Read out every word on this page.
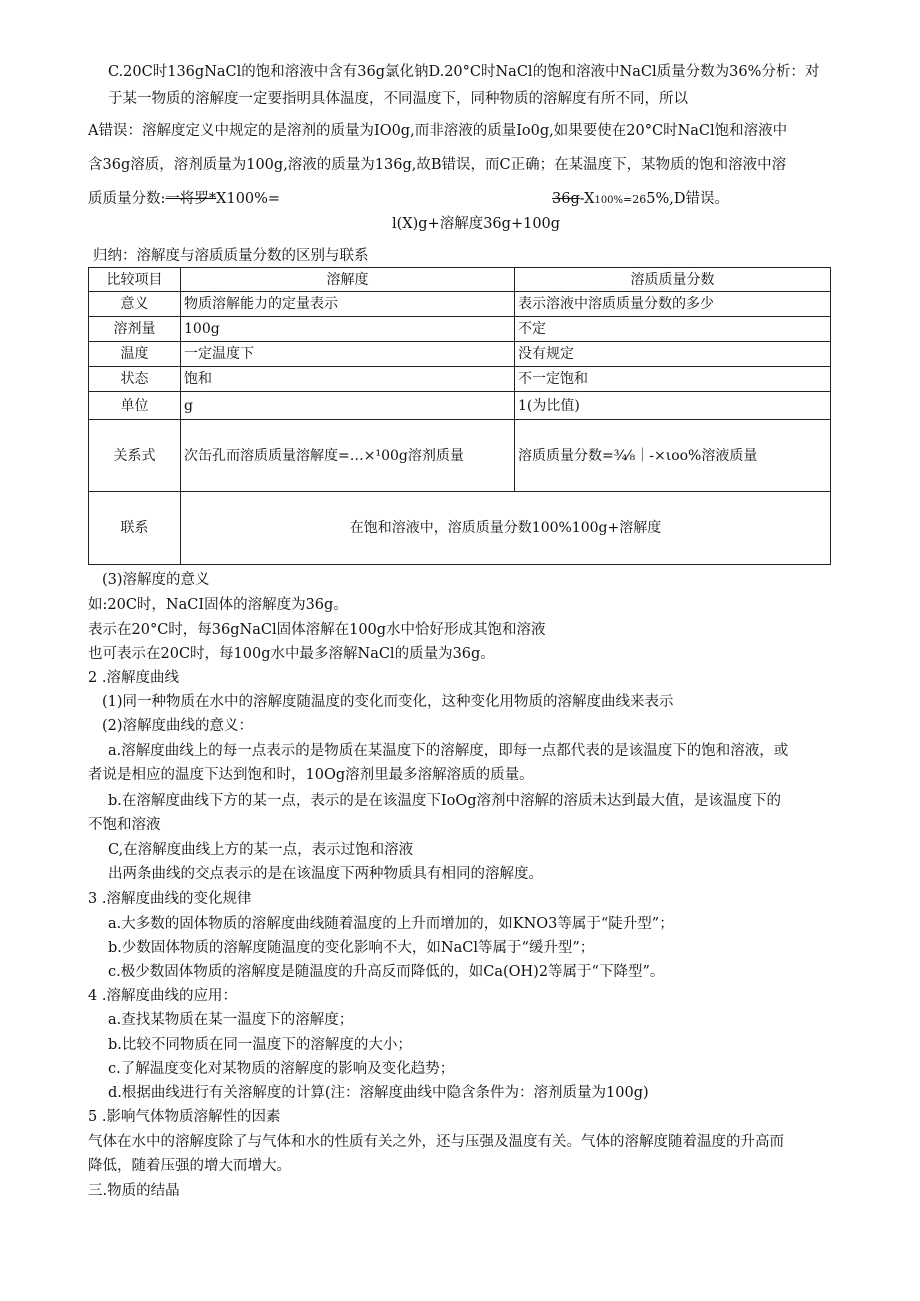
C.20C时136gNaCl的饱和溶液中含有36g氯化钠D.20°C时NaCl的饱和溶液中NaCl质量分数为36%分析：对
于某一物质的溶解度一定要指明具体温度，不同温度下，同种物质的溶解度有所不同，所以
A错误：溶解度定义中规定的是溶剂的质量为IO0g,而非溶液的质量Io0g,如果要使在20°C时NaCl饱和溶液中
含36g溶质，溶剂质量为100g,溶液的质量为136g,故B错误，而C正确；在某温度下，某物质的饱和溶液中溶
质质量分数:一将罗*X100%=	36g-X100%=265%,D错误。
l(X)g+溶解度36g+100g
归纳：溶解度与溶质质量分数的区别与联系
比较项目	溶解度	溶质质量分数
意义	物质溶解能力的定量表示	表示溶液中溶质质量分数的多少
溶剂量	100g	不定
温度	一定温度下	没有规定
状态	饱和	不一定饱和
单位	g	1(为比值)
关系式	次缶孔而溶质质量溶解度=…×¹00g溶剂质量	溶质质量分数=¾⁄₈｜-×ιoo%溶液质量
联系	在饱和溶液中，溶质质量分数100%100g+溶解度	
(3)溶解度的意义
如:20C时，NaCI固体的溶解度为36g。
表示在20°C时，每36gNaCl固体溶解在100g水中恰好形成其饱和溶液
也可表示在20C时，每100g水中最多溶解NaCl的质量为36g。
2 .溶解度曲线
(1)同一种物质在水中的溶解度随温度的变化而变化，这种变化用物质的溶解度曲线来表示
(2)溶解度曲线的意义：
a.溶解度曲线上的每一点表示的是物质在某温度下的溶解度，即每一点都代表的是该温度下的饱和溶液，或
者说是相应的温度下达到饱和时，10Og溶剂里最多溶解溶质的质量。
b.在溶解度曲线下方的某一点，表示的是在该温度下IoOg溶剂中溶解的溶质未达到最大值，是该温度下的
不饱和溶液
C,在溶解度曲线上方的某一点，表示过饱和溶液
出两条曲线的交点表示的是在该温度下两种物质具有相同的溶解度。
3 .溶解度曲线的变化规律
a.大多数的固体物质的溶解度曲线随着温度的上升而增加的，如KNO3等属于“陡升型”；
b.少数固体物质的溶解度随温度的变化影响不大，如NaCl等属于“缓升型”；
c.极少数固体物质的溶解度是随温度的升高反而降低的，如Ca(OH)2等属于“下降型”。
4 .溶解度曲线的应用：
a.查找某物质在某一温度下的溶解度；
b.比较不同物质在同一温度下的溶解度的大小；
c.了解温度变化对某物质的溶解度的影响及变化趋势；
d.根据曲线进行有关溶解度的计算(注：溶解度曲线中隐含条件为：溶剂质量为100g)
5 .影响气体物质溶解性的因素
气体在水中的溶解度除了与气体和水的性质有关之外，还与压强及温度有关。气体的溶解度随着温度的升高而
降低，随着压强的增大而增大。
三.物质的结晶
